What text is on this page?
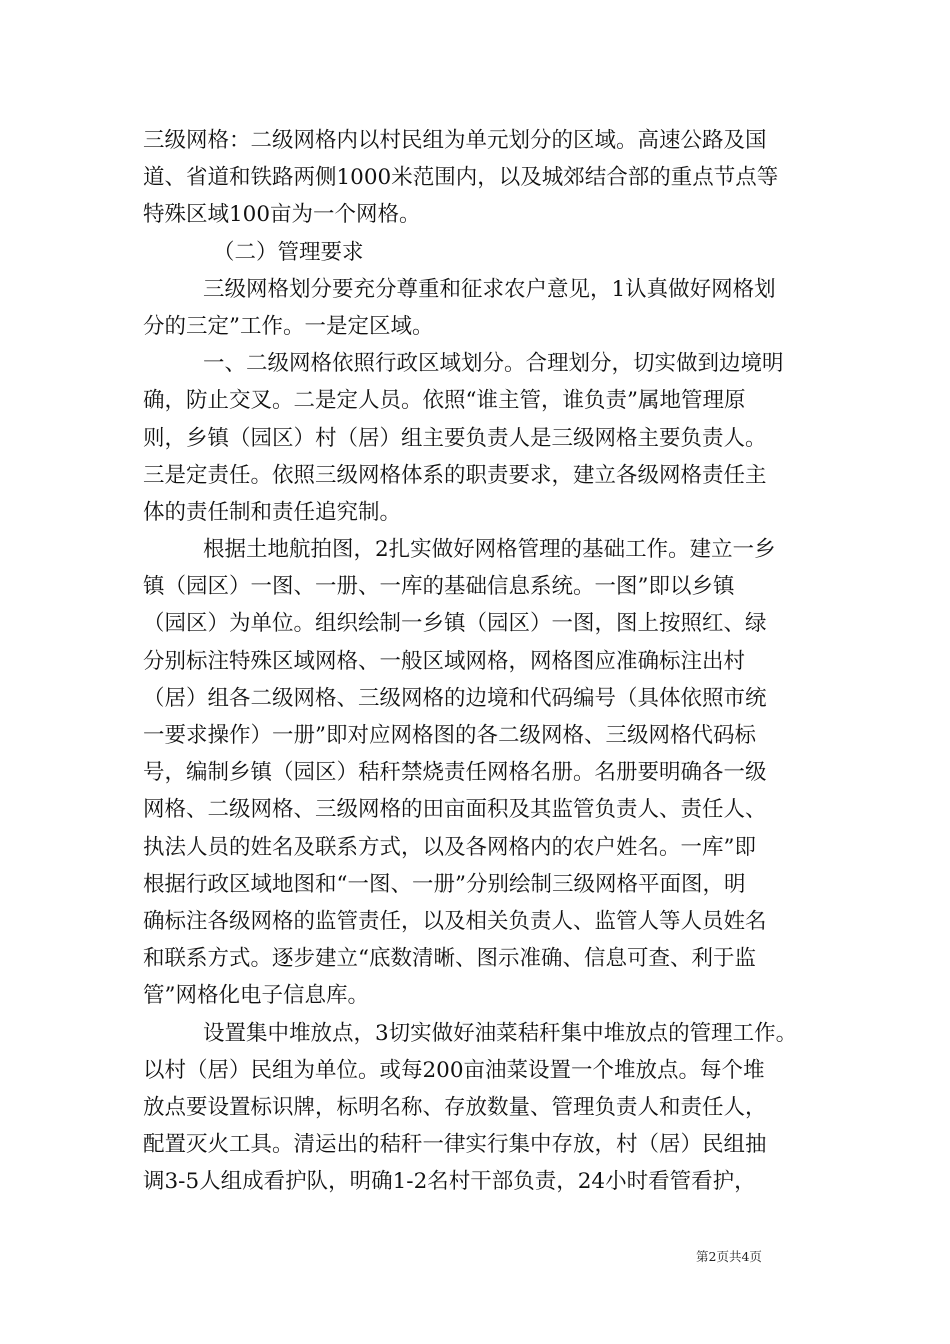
三级网格：二级网格内以村民组为单元划分的区域。高速公路及国
道、省道和铁路两侧1000米范围内，以及城郊结合部的重点节点等
特殊区域100亩为一个网格。
（二）管理要求
三级网格划分要充分尊重和征求农户意见，1认真做好网格划
分的三定”工作。一是定区域。
一、二级网格依照行政区域划分。合理划分，切实做到边境明
确，防止交叉。二是定人员。依照“谁主管，谁负责”属地管理原
则，乡镇（园区）村（居）组主要负责人是三级网格主要负责人。
三是定责任。依照三级网格体系的职责要求，建立各级网格责任主
体的责任制和责任追究制。
根据土地航拍图，2扎实做好网格管理的基础工作。建立一乡
镇（园区）一图、一册、一库的基础信息系统。一图”即以乡镇
（园区）为单位。组织绘制一乡镇（园区）一图，图上按照红、绿
分别标注特殊区域网格、一般区域网格，网格图应准确标注出村
（居）组各二级网格、三级网格的边境和代码编号（具体依照市统
一要求操作）一册”即对应网格图的各二级网格、三级网格代码标
号，编制乡镇（园区）秸秆禁烧责任网格名册。名册要明确各一级
网格、二级网格、三级网格的田亩面积及其监管负责人、责任人、
执法人员的姓名及联系方式，以及各网格内的农户姓名。一库”即
根据行政区域地图和“一图、一册”分别绘制三级网格平面图，明
确标注各级网格的监管责任，以及相关负责人、监管人等人员姓名
和联系方式。逐步建立“底数清晰、图示准确、信息可查、利于监
管”网格化电子信息库。
设置集中堆放点，3切实做好油菜秸秆集中堆放点的管理工作。
以村（居）民组为单位。或每200亩油菜设置一个堆放点。每个堆
放点要设置标识牌，标明名称、存放数量、管理负责人和责任人，
配置灭火工具。清运出的秸秆一律实行集中存放，村（居）民组抽
调3-5人组成看护队，明确1-2名村干部负责，24小时看管看护，
第2页共4页
